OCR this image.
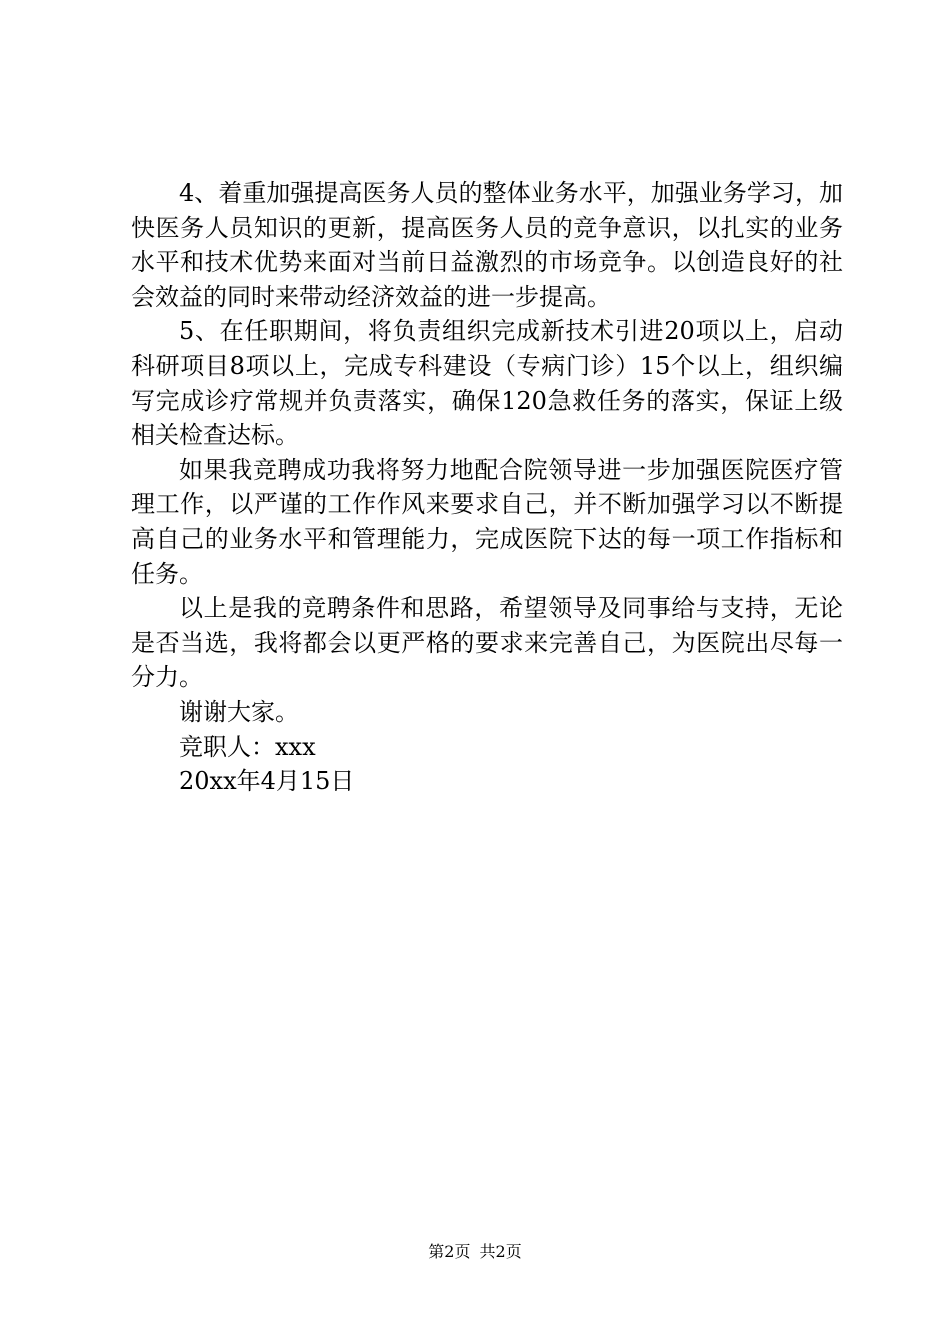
4、着重加强提高医务人员的整体业务水平，加强业务学习，加快医务人员知识的更新，提高医务人员的竞争意识，以扎实的业务水平和技术优势来面对当前日益激烈的市场竞争。以创造良好的社会效益的同时来带动经济效益的进一步提高。

5、在任职期间，将负责组织完成新技术引进20项以上，启动科研项目8项以上，完成专科建设（专病门诊）15个以上，组织编写完成诊疗常规并负责落实，确保120急救任务的落实，保证上级相关检查达标。

如果我竞聘成功我将努力地配合院领导进一步加强医院医疗管理工作，以严谨的工作作风来要求自己，并不断加强学习以不断提高自己的业务水平和管理能力，完成医院下达的每一项工作指标和任务。

以上是我的竞聘条件和思路，希望领导及同事给与支持，无论是否当选，我将都会以更严格的要求来完善自己，为医院出尽每一分力。

谢谢大家。

竞职人：xxx

20xx年4月15日

第2页 共2页
